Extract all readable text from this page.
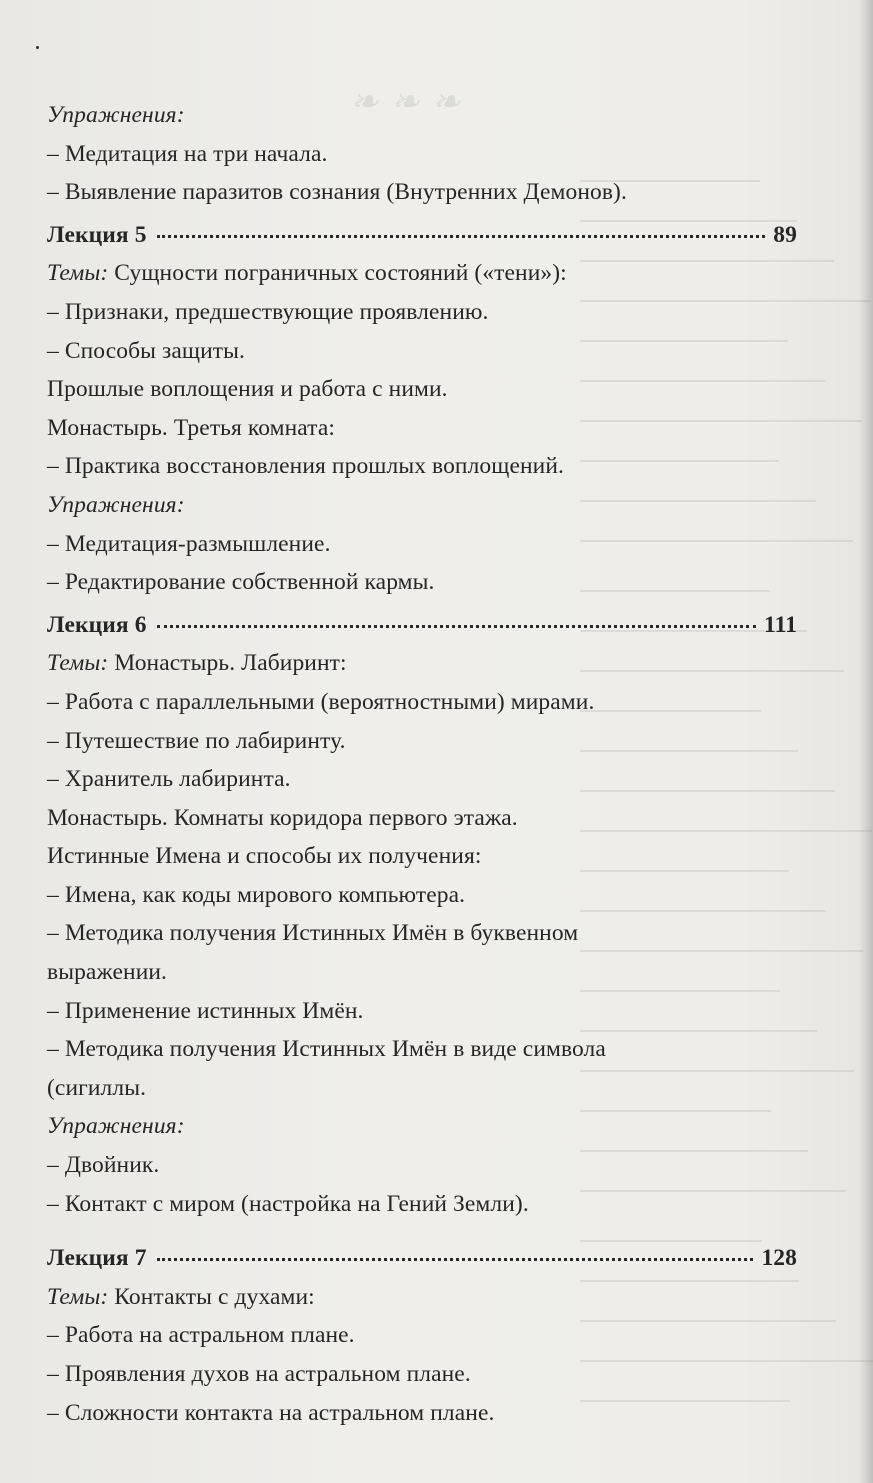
❧ ❧ ❧
Упражнения:
– Медитация на три начала.
– Выявление паразитов сознания (Внутренних Демонов).
Лекция 5	89
Темы: Сущности пограничных состояний («тени»):
– Признаки, предшествующие проявлению.
– Способы защиты.
Прошлые воплощения и работа с ними.
Монастырь. Третья комната:
– Практика восстановления прошлых воплощений.
Упражнения:
– Медитация-размышление.
– Редактирование собственной кармы.
Лекция 6	111
Темы: Монастырь. Лабиринт:
– Работа с параллельными (вероятностными) мирами.
– Путешествие по лабиринту.
– Хранитель лабиринта.
Монастырь. Комнаты коридора первого этажа.
Истинные Имена и способы их получения:
– Имена, как коды мирового компьютера.
– Методика получения Истинных Имён в буквенном
выражении.
– Применение истинных Имён.
– Методика получения Истинных Имён в виде символа
(сигиллы.
Упражнения:
– Двойник.
– Контакт с миром (настройка на Гений Земли).
Лекция 7	128
Темы: Контакты с духами:
– Работа на астральном плане.
– Проявления духов на астральном плане.
– Сложности контакта на астральном плане.
